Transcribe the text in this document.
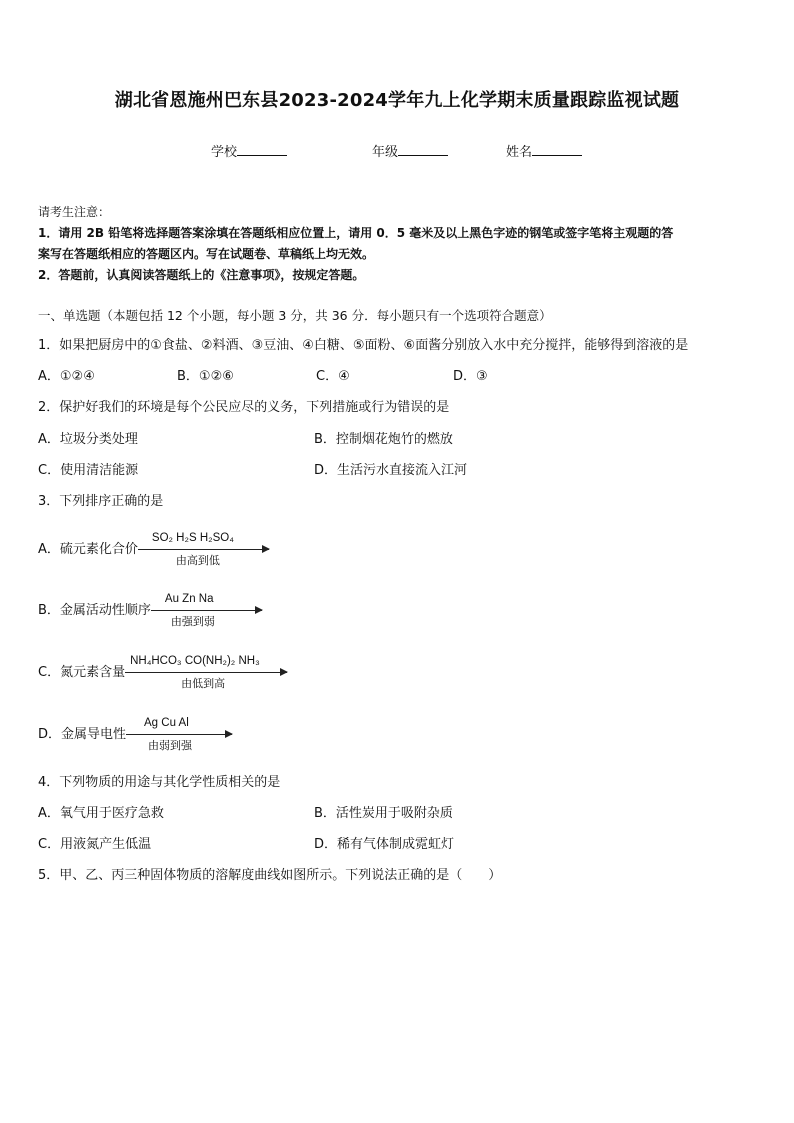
湖北省恩施州巴东县2023-2024学年九上化学期末质量跟踪监视试题
学校	年级	姓名
请考生注意：
1．请用 2B 铅笔将选择题答案涂填在答题纸相应位置上，请用 0．5 毫米及以上黑色字迹的钢笔或签字笔将主观题的答
案写在答题纸相应的答题区内。写在试题卷、草稿纸上均无效。
2．答题前，认真阅读答题纸上的《注意事项》，按规定答题。
一、单选题（本题包括 12 个小题，每小题 3 分，共 36 分．每小题只有一个选项符合题意）
1．如果把厨房中的①食盐、②料酒、③豆油、④白糖、⑤面粉、⑥面酱分别放入水中充分搅拌，能够得到溶液的是
A．①②④	B．①②⑥	C．④	D．③
2．保护好我们的环境是每个公民应尽的义务，下列措施或行为错误的是
A．垃圾分类处理	B．控制烟花炮竹的燃放
C．使用清洁能源	D．生活污水直接流入江河
3．下列排序正确的是
A．硫元素化合价
SO₂ H₂S H₂SO₄
由高到低
B．金属活动性顺序
Au Zn Na
由强到弱
C．氮元素含量
NH₄HCO₃ CO(NH₂)₂ NH₃
由低到高
D．金属导电性
Ag Cu Al
由弱到强
4．下列物质的用途与其化学性质相关的是
A．氧气用于医疗急救	B．活性炭用于吸附杂质
C．用液氮产生低温	D．稀有气体制成霓虹灯
5．甲、乙、丙三种固体物质的溶解度曲线如图所示。下列说法正确的是（　　）
